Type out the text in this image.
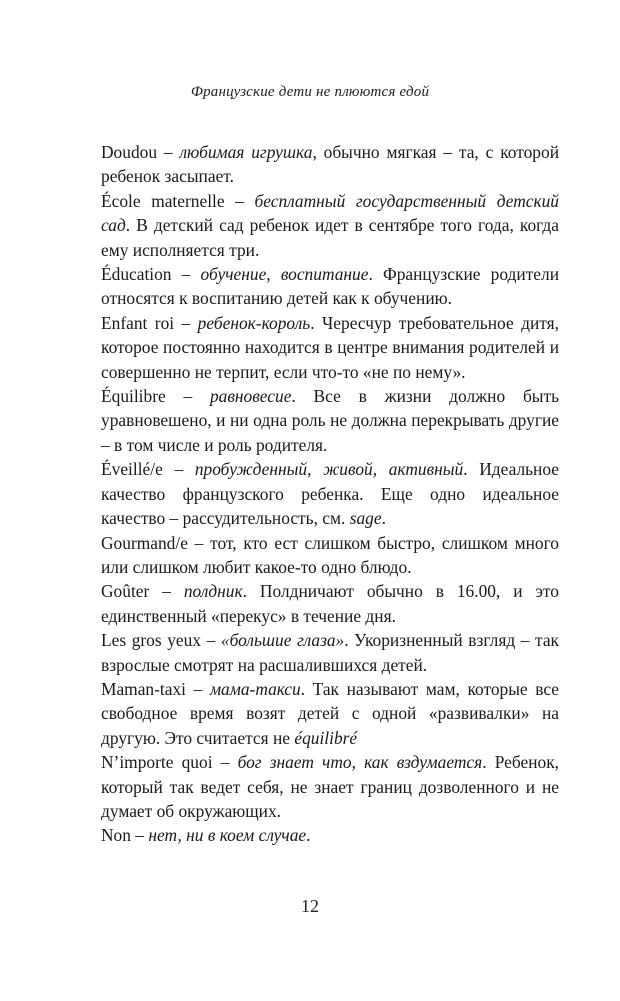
Французские дети не плюются едой

Doudou – любимая игрушка, обычно мягкая – та, с которой ребенок засыпает.

École maternelle – бесплатный государственный детский сад. В детский сад ребенок идет в сентябре того года, когда ему исполняется три.

Éducation – обучение, воспитание. Французские родители относятся к воспитанию детей как к обучению.

Enfant roi – ребенок-король. Чересчур требовательное дитя, которое постоянно находится в центре внимания родителей и совершенно не терпит, если что-то «не по нему».

Équilibre – равновесие. Все в жизни должно быть уравновешено, и ни одна роль не должна перекрывать другие – в том числе и роль родителя.

Éveillé/e – пробужденный, живой, активный. Идеальное качество французского ребенка. Еще одно идеальное качество – рассудительность, см. sage.

Gourmand/e – тот, кто ест слишком быстро, слишком много или слишком любит какое-то одно блюдо.

Goûter – полдник. Полдничают обычно в 16.00, и это единственный «перекус» в течение дня.

Les gros yeux – «большие глаза». Укоризненный взгляд – так взрослые смотрят на расшалившихся детей.

Maman-taxi – мама-такси. Так называют мам, которые все свободное время возят детей с одной «развивалки» на другую. Это считается не équilibré

N’importe quoi – бог знает что, как вздумается. Ребенок, который так ведет себя, не знает границ дозволенного и не думает об окружающих.

Non – нет, ни в коем случае.

12
